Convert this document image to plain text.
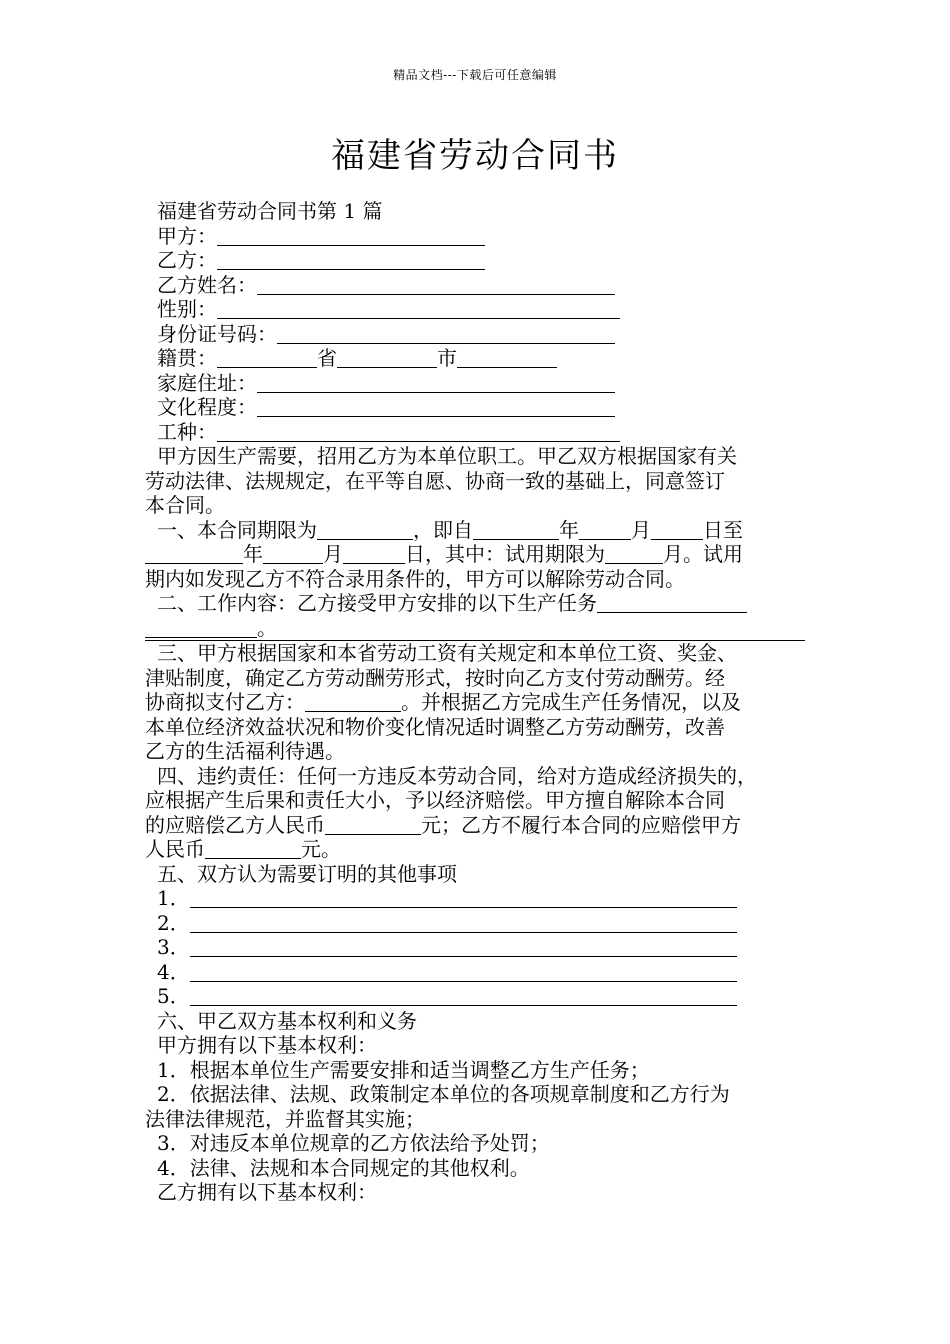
精品文档---下载后可任意编辑
福建省劳动合同书
福建省劳动合同书第 1 篇
甲方：
乙方：
乙方姓名：
性别：
身份证号码：
籍贯：	省	市
家庭住址：
文化程度：
工种：
甲方因生产需要，招用乙方为本单位职工。甲乙双方根据国家有关
劳动法律、法规规定，在平等自愿、协商一致的基础上，同意签订
本合同。
一、本合同期限为	，即自	年	月	日至
年	月	日，其中：试用期限为	月。试用
期内如发现乙方不符合录用条件的，甲方可以解除劳动合同。
二、工作内容：乙方接受甲方安排的以下生产任务
。
三、甲方根据国家和本省劳动工资有关规定和本单位工资、奖金、
津贴制度，确定乙方劳动酬劳形式，按时向乙方支付劳动酬劳。经
协商拟支付乙方：	。并根据乙方完成生产任务情况，以及
本单位经济效益状况和物价变化情况适时调整乙方劳动酬劳，改善
乙方的生活福利待遇。
四、违约责任：任何一方违反本劳动合同，给对方造成经济损失的，
应根据产生后果和责任大小，予以经济赔偿。甲方擅自解除本合同
的应赔偿乙方人民币	元；乙方不履行本合同的应赔偿甲方
人民币	元。
五、双方认为需要订明的其他事项
1．
2．
3．
4．
5．
六、甲乙双方基本权利和义务
甲方拥有以下基本权利：
1．根据本单位生产需要安排和适当调整乙方生产任务；
2．依据法律、法规、政策制定本单位的各项规章制度和乙方行为
法律法律规范，并监督其实施；
3．对违反本单位规章的乙方依法给予处罚；
4．法律、法规和本合同规定的其他权利。
乙方拥有以下基本权利：
